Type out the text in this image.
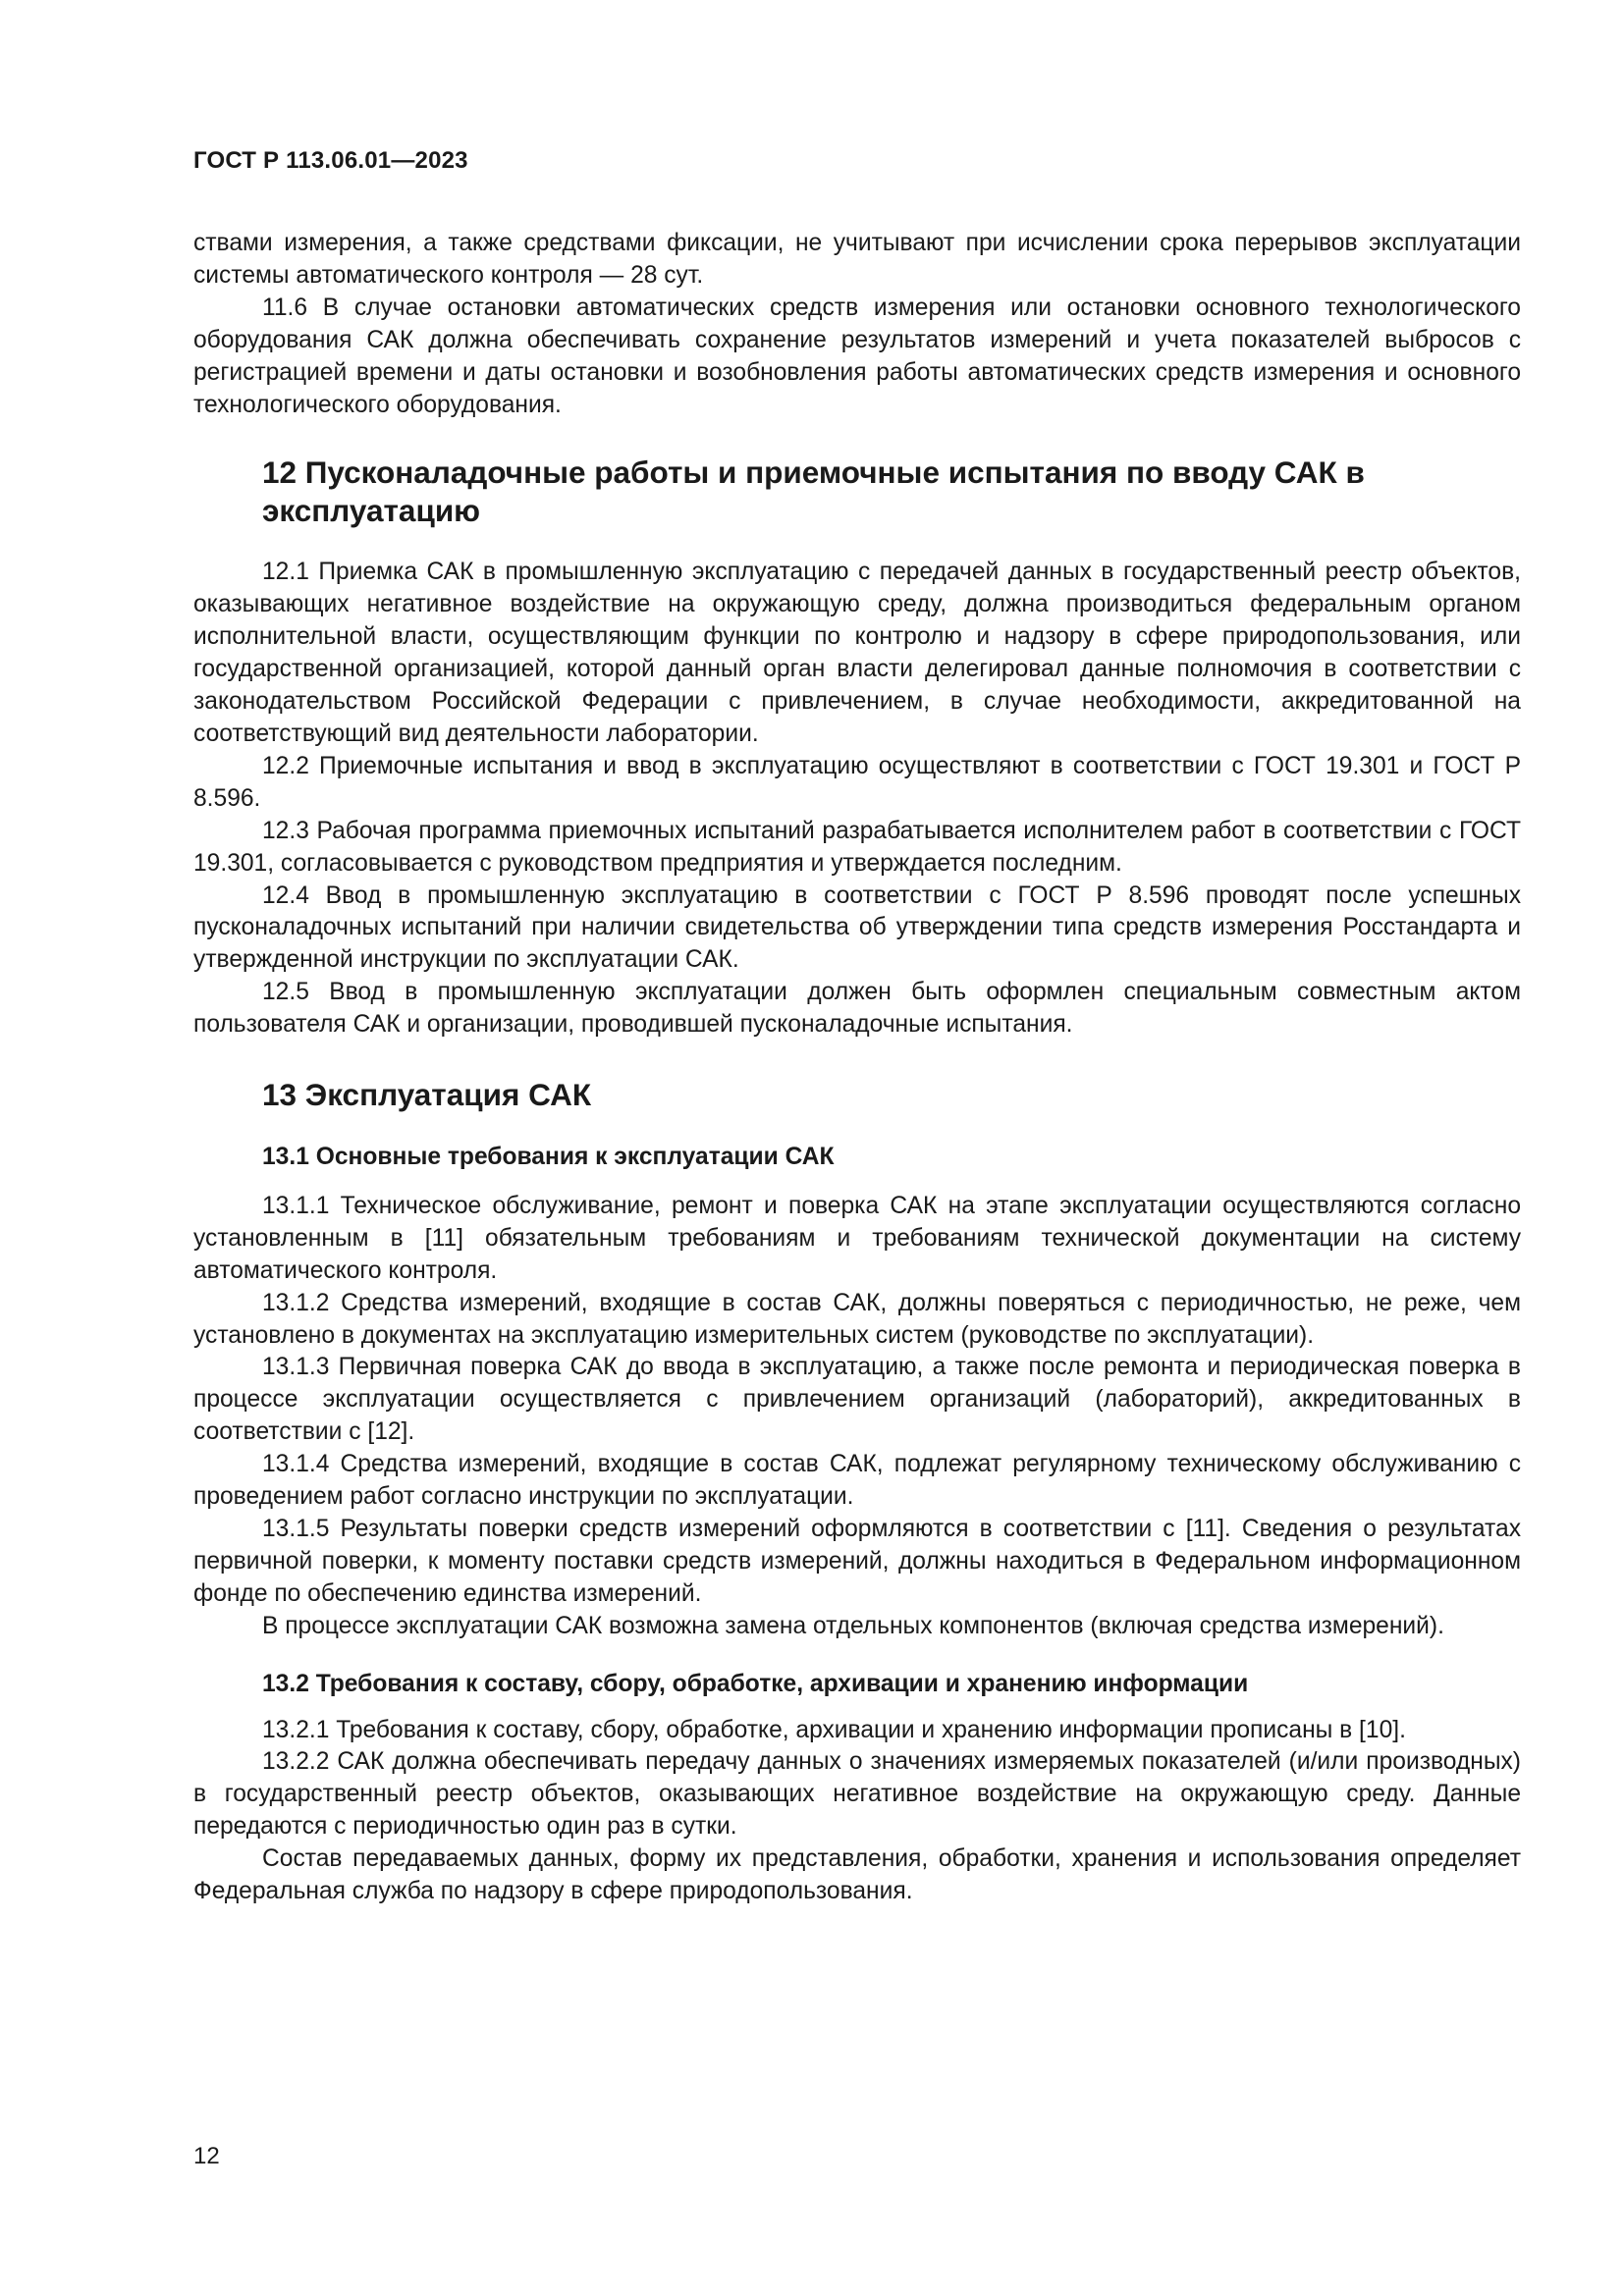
ГОСТ Р 113.06.01—2023

ствами измерения, а также средствами фиксации, не учитывают при исчислении срока перерывов эксплуатации системы автоматического контроля — 28 сут.

11.6 В случае остановки автоматических средств измерения или остановки основного технологического оборудования САК должна обеспечивать сохранение результатов измерений и учета показателей выбросов с регистрацией времени и даты остановки и возобновления работы автоматических средств измерения и основного технологического оборудования.

12 Пусконаладочные работы и приемочные испытания по вводу САК в эксплуатацию

12.1 Приемка САК в промышленную эксплуатацию с передачей данных в государственный реестр объектов, оказывающих негативное воздействие на окружающую среду, должна производиться федеральным органом исполнительной власти, осуществляющим функции по контролю и надзору в сфере природопользования, или государственной организацией, которой данный орган власти делегировал данные полномочия в соответствии с законодательством Российской Федерации с привлечением, в случае необходимости, аккредитованной на соответствующий вид деятельности лаборатории.

12.2 Приемочные испытания и ввод в эксплуатацию осуществляют в соответствии с ГОСТ 19.301 и ГОСТ Р 8.596.

12.3 Рабочая программа приемочных испытаний разрабатывается исполнителем работ в соответствии с ГОСТ 19.301, согласовывается с руководством предприятия и утверждается последним.

12.4 Ввод в промышленную эксплуатацию в соответствии с ГОСТ Р 8.596 проводят после успешных пусконаладочных испытаний при наличии свидетельства об утверждении типа средств измерения Росстандарта и утвержденной инструкции по эксплуатации САК.

12.5 Ввод в промышленную эксплуатации должен быть оформлен специальным совместным актом пользователя САК и организации, проводившей пусконаладочные испытания.

13 Эксплуатация САК
13.1 Основные требования к эксплуатации САК

13.1.1 Техническое обслуживание, ремонт и поверка САК на этапе эксплуатации осуществляются согласно установленным в [11] обязательным требованиям и требованиям технической документации на систему автоматического контроля.

13.1.2 Средства измерений, входящие в состав САК, должны поверяться с периодичностью, не реже, чем установлено в документах на эксплуатацию измерительных систем (руководстве по эксплуатации).

13.1.3 Первичная поверка САК до ввода в эксплуатацию, а также после ремонта и периодическая поверка в процессе эксплуатации осуществляется с привлечением организаций (лабораторий), аккредитованных в соответствии с [12].

13.1.4 Средства измерений, входящие в состав САК, подлежат регулярному техническому обслуживанию с проведением работ согласно инструкции по эксплуатации.

13.1.5 Результаты поверки средств измерений оформляются в соответствии с [11]. Сведения о результатах первичной поверки, к моменту поставки средств измерений, должны находиться в Федеральном информационном фонде по обеспечению единства измерений.

В процессе эксплуатации САК возможна замена отдельных компонентов (включая средства измерений).

13.2 Требования к составу, сбору, обработке, архивации и хранению информации

13.2.1 Требования к составу, сбору, обработке, архивации и хранению информации прописаны в [10].

13.2.2 САК должна обеспечивать передачу данных о значениях измеряемых показателей (и/или производных) в государственный реестр объектов, оказывающих негативное воздействие на окружающую среду. Данные передаются с периодичностью один раз в сутки.

Состав передаваемых данных, форму их представления, обработки, хранения и использования определяет Федеральная служба по надзору в сфере природопользования.

12
